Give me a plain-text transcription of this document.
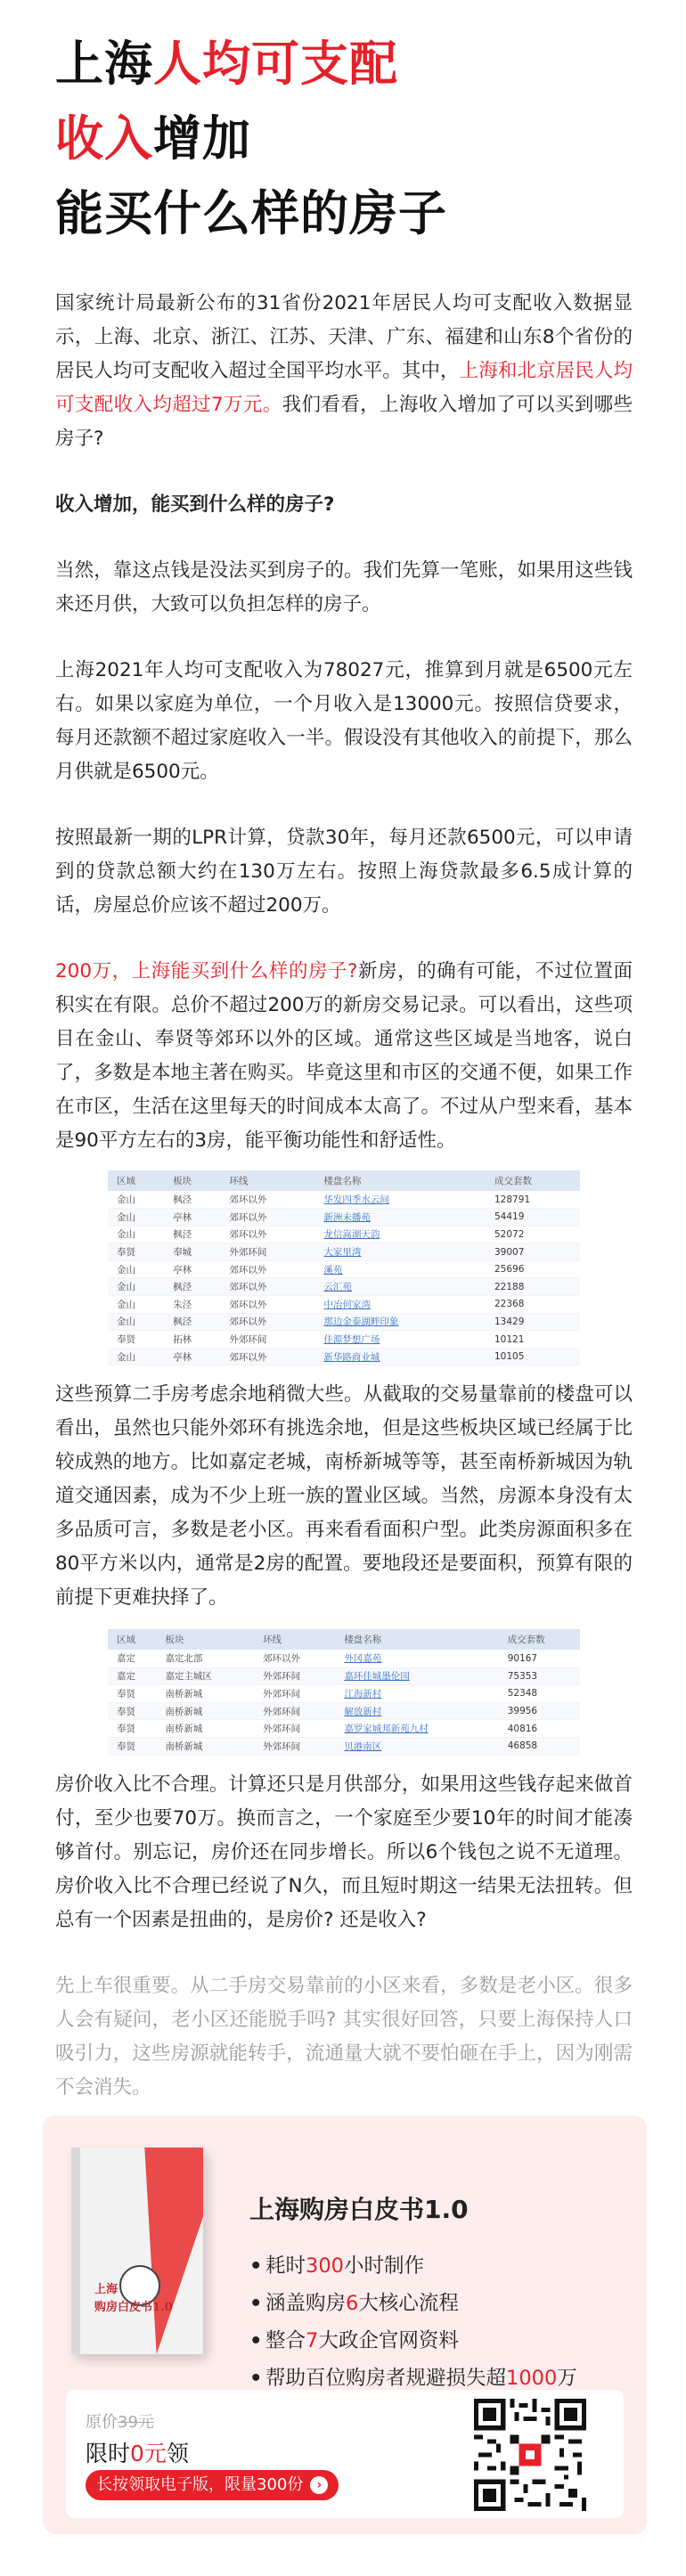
上海人均可支配
收入增加
能买什么样的房子

国家统计局最新公布的31省份2021年居民人均可支配收入数据显示，上海、北京、浙江、江苏、天津、广东、福建和山东8个省份的居民人均可支配收入超过全国平均水平。其中，上海和北京居民人均可支配收入均超过7万元。我们看看，上海收入增加了可以买到哪些房子?

收入增加，能买到什么样的房子?

当然，靠这点钱是没法买到房子的。我们先算一笔账，如果用这些钱来还月供，大致可以负担怎样的房子。

上海2021年人均可支配收入为78027元，推算到月就是6500元左右。如果以家庭为单位，一个月收入是13000元。按照信贷要求，每月还款额不超过家庭收入一半。假设没有其他收入的前提下，那么月供就是6500元。

按照最新一期的LPR计算，贷款30年，每月还款6500元，可以申请到的贷款总额大约在130万左右。按照上海贷款最多6.5成计算的话，房屋总价应该不超过200万。

200万，上海能买到什么样的房子?新房，的确有可能，不过位置面积实在有限。总价不超过200万的新房交易记录。可以看出，这些项目在金山、奉贤等郊环以外的区域。通常这些区域是当地客，说白了，多数是本地主著在购买。毕竟这里和市区的交通不便，如果工作在市区，生活在这里每天的时间成本太高了。不过从户型来看，基本是90平方左右的3房，能平衡功能性和舒适性。

区域	板块	环线	楼盘名称	成交套数
金山	枫泾	郊环以外	华发四季水云间	128791
金山	亭林	郊环以外	新洲未播苑	54419
金山	枫泾	郊环以外	龙信嵩湖天韵	52072
奉贤	奉城	外郊环间	大家里湾	39007
金山	亭林	郊环以外	溪苑	25696
金山	枫泾	郊环以外	云汇苑	22188
金山	朱泾	郊环以外	中冶何家湾	22368
金山	枫泾	郊环以外	那边金泰湖畔印象	13429
奉贤	拓林	外郊环间	佳源梦想广场	10121
金山	亭林	郊环以外	新华路商业城	10105

这些预算二手房考虑余地稍微大些。从截取的交易量靠前的楼盘可以看出，虽然也只能外郊环有挑选余地，但是这些板块区域已经属于比较成熟的地方。比如嘉定老城，南桥新城等等，甚至南桥新城因为轨道交通因素，成为不少上班一族的置业区域。当然，房源本身没有太多品质可言，多数是老小区。再来看看面积户型。此类房源面积多在80平方米以内，通常是2房的配置。要地段还是要面积，预算有限的前提下更难抉择了。

区域	板块	环线	楼盘名称	成交套数
嘉定	嘉定北部	郊环以外	外冈嘉苑	90167
嘉定	嘉定主城区	外郊环间	嘉环佳城墨伦园	75353
奉贤	南桥新城	外郊环间	江海新村	52348
奉贤	南桥新城	外郊环间	解放新村	39956
奉贤	南桥新城	外郊环间	嘉罗家城邦新苑九村	40816
奉贤	南桥新城	外郊环间	贝港南区	46858

房价收入比不合理。计算还只是月供部分，如果用这些钱存起来做首付，至少也要70万。换而言之，一个家庭至少要10年的时间才能凑够首付。别忘记，房价还在同步增长。所以6个钱包之说不无道理。房价收入比不合理已经说了N久，而且短时期这一结果无法扭转。但总有一个因素是扭曲的，是房价? 还是收入?

先上车很重要。从二手房交易靠前的小区来看，多数是老小区。很多人会有疑问，老小区还能脱手吗? 其实很好回答，只要上海保持人口吸引力，这些房源就能转手，流通量大就不要怕砸在手上，因为刚需不会消失。

上海
购房白皮书1.0
上海购房白皮书1.0
• 耗时300小时制作
• 涵盖购房6大核心流程
• 整合7大政企官网资料
• 帮助百位购房者规避损失超1000万
原价39元
限时0元领
长按领取电子版，限量300份	›
